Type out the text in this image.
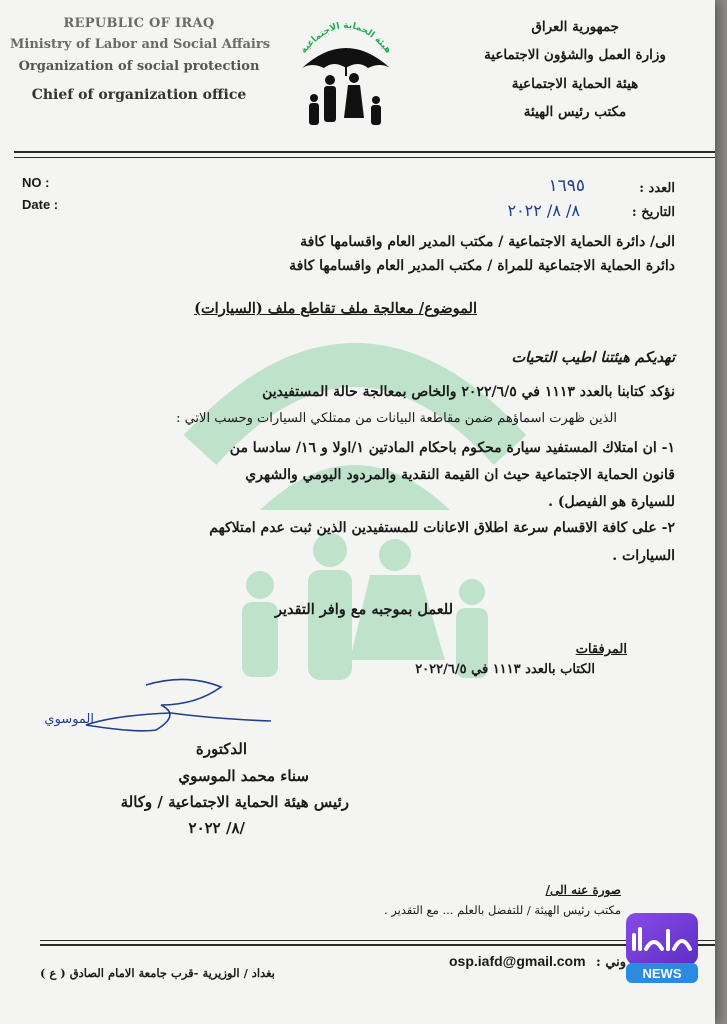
REPUBLIC OF IRAQ
Ministry of Labor and Social Affairs
Organization of social protection
Chief of organization office
هيئة الحماية الاجتماعية
جمهورية العراق
وزارة العمل والشؤون الاجتماعية
هيئة الحماية الاجتماعية
مكتب رئيس الهيئة
NO :
Date :
العدد :
١٦٩٥
التاريخ :
٨/ ٨/ ٢٠٢٢
الى/ دائرة الحماية الاجتماعية / مكتب المدير العام واقسامها كافة
دائرة الحماية الاجتماعية للمراة / مكتب المدير العام واقسامها كافة
الموضوع/ معالجة ملف تقاطع ملف (السيارات)
تهديكم هيئتنا اطيب التحيات
نؤكد كتابنا بالعدد ١١١٣ في ٢٠٢٢/٦/٥ والخاص بمعالجة حالة المستفيدين
الذين ظهرت اسماؤهم ضمن مقاطعة البيانات من ممتلكي السيارات وحسب الاتي :
١- ان امتلاك المستفيد سيارة محكوم باحكام المادتين ١/اولا و ١٦/ سادسا من
قانون الحماية الاجتماعية حيث ان القيمة النقدية والمردود اليومي والشهري
للسيارة هو الفيصل) .
٢- على كافة الاقسام سرعة اطلاق الاعانات للمستفيدين الذين ثبت عدم امتلاكهم
السيارات .
للعمل بموجبه مع وافر التقدير
المرفقات
الكتاب بالعدد ١١١٣ في ٢٠٢٢/٦/٥
الموسوي
الدكتورة
سناء محمد الموسوي
رئيس هيئة الحماية الاجتماعية / وكالة
/٨/ ٢٠٢٢
صورة عنه الى/
مكتب رئيس الهيئة / للتفضل بالعلم ... مع التقدير .
osp.iafd@gmail.com وني :
بغداد / الوزيرية -قرب جامعة الامام الصادق ( ع )	NEWS
